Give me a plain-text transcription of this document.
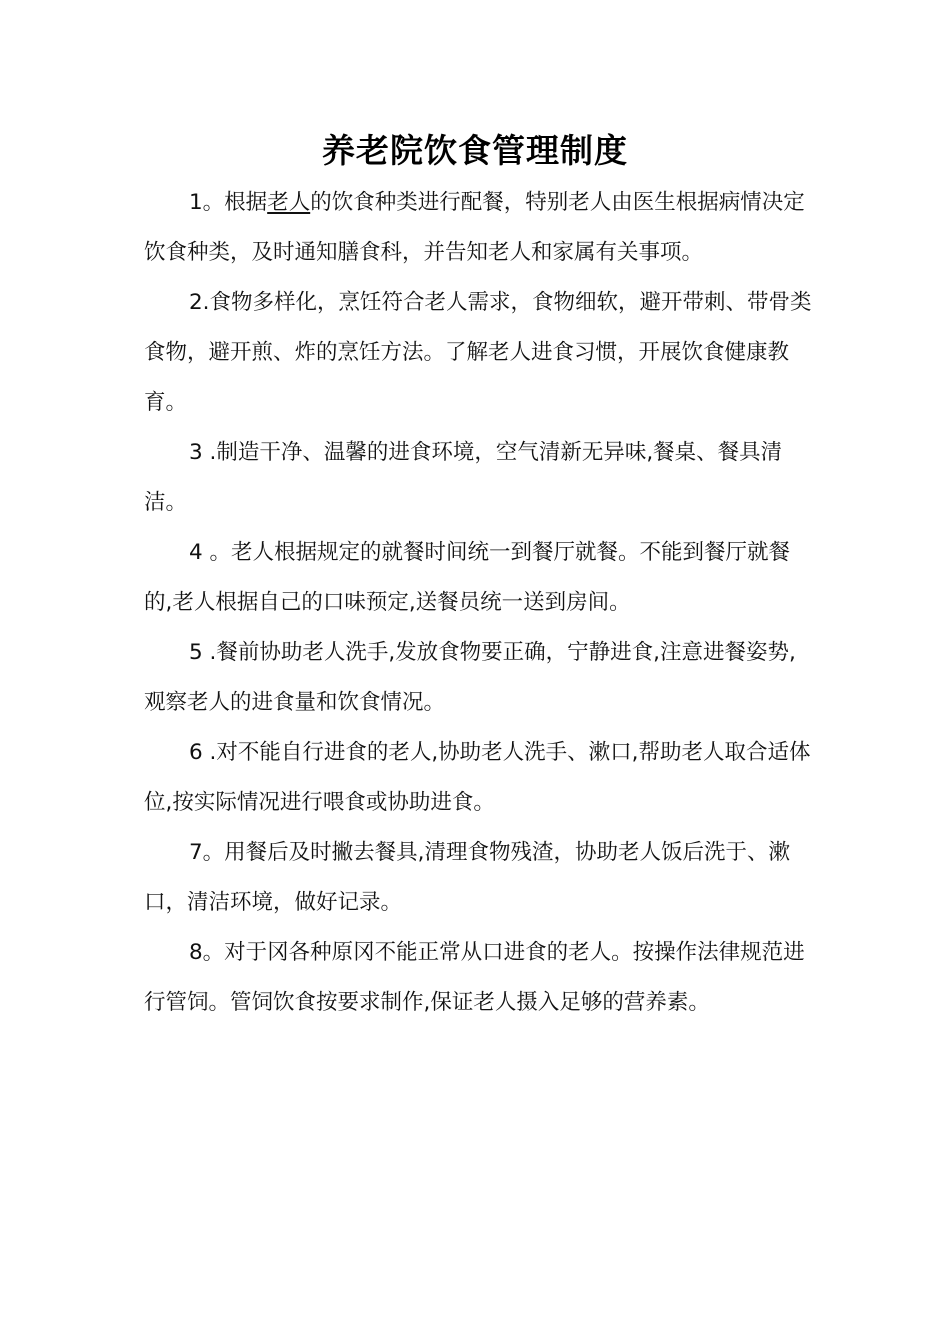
养老院饮食管理制度

1。根据老人的饮食种类进行配餐，特别老人由医生根据病情决定饮食种类，及时通知膳食科，并告知老人和家属有关事项。

2.食物多样化，烹饪符合老人需求，食物细软，避开带刺、带骨类食物，避开煎、炸的烹饪方法。了解老人进食习惯，开展饮食健康教育。

3 .制造干净、温馨的进食环境，空气清新无异味,餐桌、餐具清洁。

4 。老人根据规定的就餐时间统一到餐厅就餐。不能到餐厅就餐的,老人根据自己的口味预定,送餐员统一送到房间。

5 .餐前协助老人洗手,发放食物要正确，宁静进食,注意进餐姿势,观察老人的进食量和饮食情况。

6 .对不能自行进食的老人,协助老人洗手、漱口,帮助老人取合适体位,按实际情况进行喂食或协助进食。

7。用餐后及时撇去餐具,清理食物残渣，协助老人饭后洗于、漱口，清洁环境，做好记录。

8。对于冈各种原冈不能正常从口进食的老人。按操作法律规范进行管饲。管饲饮食按要求制作,保证老人摄入足够的营养素。
